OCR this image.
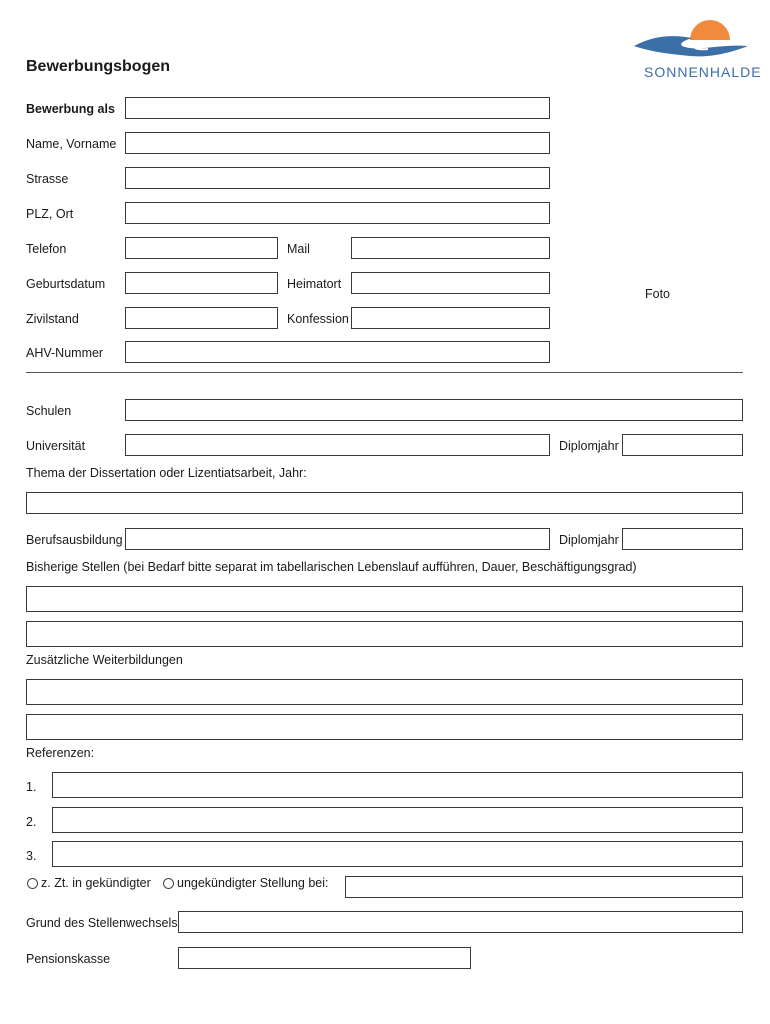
SONNENHALDE
Bewerbungsbogen
Bewerbung als
Name, Vorname
Strasse
PLZ, Ort
Telefon	Mail
Geburtsdatum	Heimatort
Foto
Zivilstand	Konfession
AHV-Nummer
Schulen
Universität	Diplomjahr
Thema der Dissertation oder Lizentiatsarbeit, Jahr:
Berufsausbildung	Diplomjahr
Bisherige Stellen (bei Bedarf bitte separat im tabellarischen Lebenslauf aufführen, Dauer, Beschäftigungsgrad)
Zusätzliche Weiterbildungen
Referenzen:
1.
2.
3.
z. Zt. in gekündigter ungekündigter Stellung bei:
Grund des Stellenwechsels
Pensionskasse
